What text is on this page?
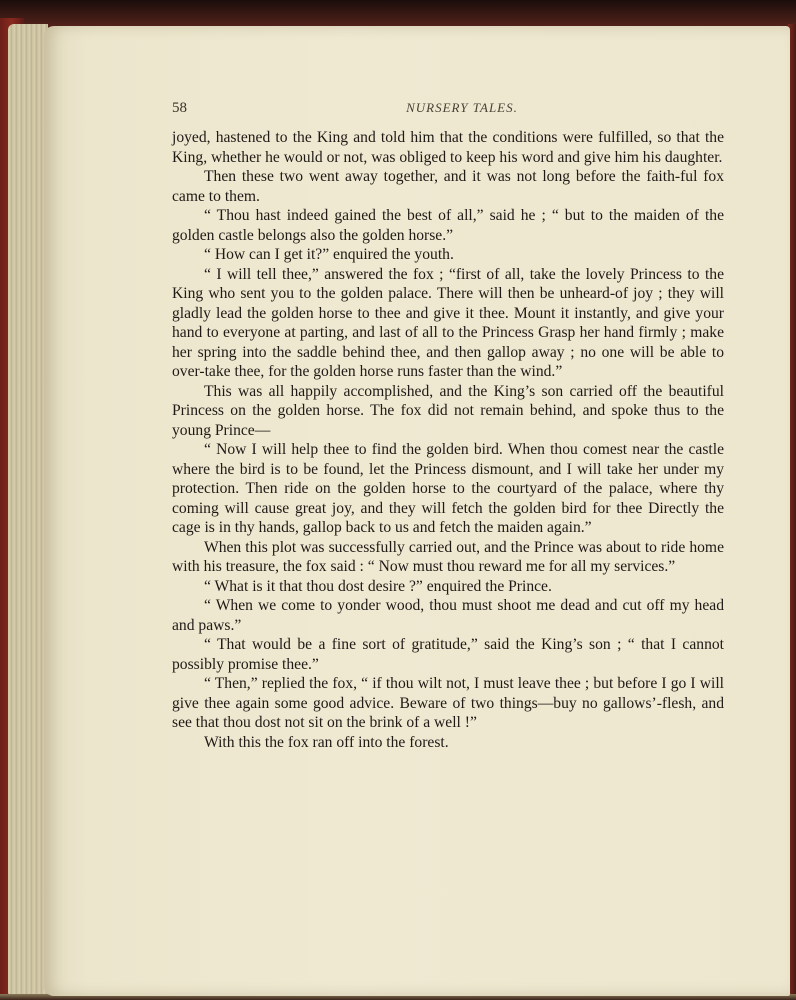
58	NURSERY TALES.

joyed, hastened to the King and told him that the conditions were fulfilled, so that the King, whether he would or not, was obliged to keep his word and give him his daughter.

Then these two went away together, and it was not long before the faith-ful fox came to them.

“ Thou hast indeed gained the best of all,” said he ; “ but to the maiden of the golden castle belongs also the golden horse.”

“ How can I get it?” enquired the youth.

“ I will tell thee,” answered the fox ; “first of all, take the lovely Princess to the King who sent you to the golden palace. There will then be unheard-of joy ; they will gladly lead the golden horse to thee and give it thee. Mount it instantly, and give your hand to everyone at parting, and last of all to the Princess Grasp her hand firmly ; make her spring into the saddle behind thee, and then gallop away ; no one will be able to over-take thee, for the golden horse runs faster than the wind.”

This was all happily accomplished, and the King’s son carried off the beautiful Princess on the golden horse. The fox did not remain behind, and spoke thus to the young Prince—

“ Now I will help thee to find the golden bird. When thou comest near the castle where the bird is to be found, let the Princess dismount, and I will take her under my protection. Then ride on the golden horse to the courtyard of the palace, where thy coming will cause great joy, and they will fetch the golden bird for thee Directly the cage is in thy hands, gallop back to us and fetch the maiden again.”

When this plot was successfully carried out, and the Prince was about to ride home with his treasure, the fox said : “ Now must thou reward me for all my services.”

“ What is it that thou dost desire ?” enquired the Prince.

“ When we come to yonder wood, thou must shoot me dead and cut off my head and paws.”

“ That would be a fine sort of gratitude,” said the King’s son ; “ that I cannot possibly promise thee.”

“ Then,” replied the fox, “ if thou wilt not, I must leave thee ; but before I go I will give thee again some good advice. Beware of two things—buy no gallows’-flesh, and see that thou dost not sit on the brink of a well !”

With this the fox ran off into the forest.
